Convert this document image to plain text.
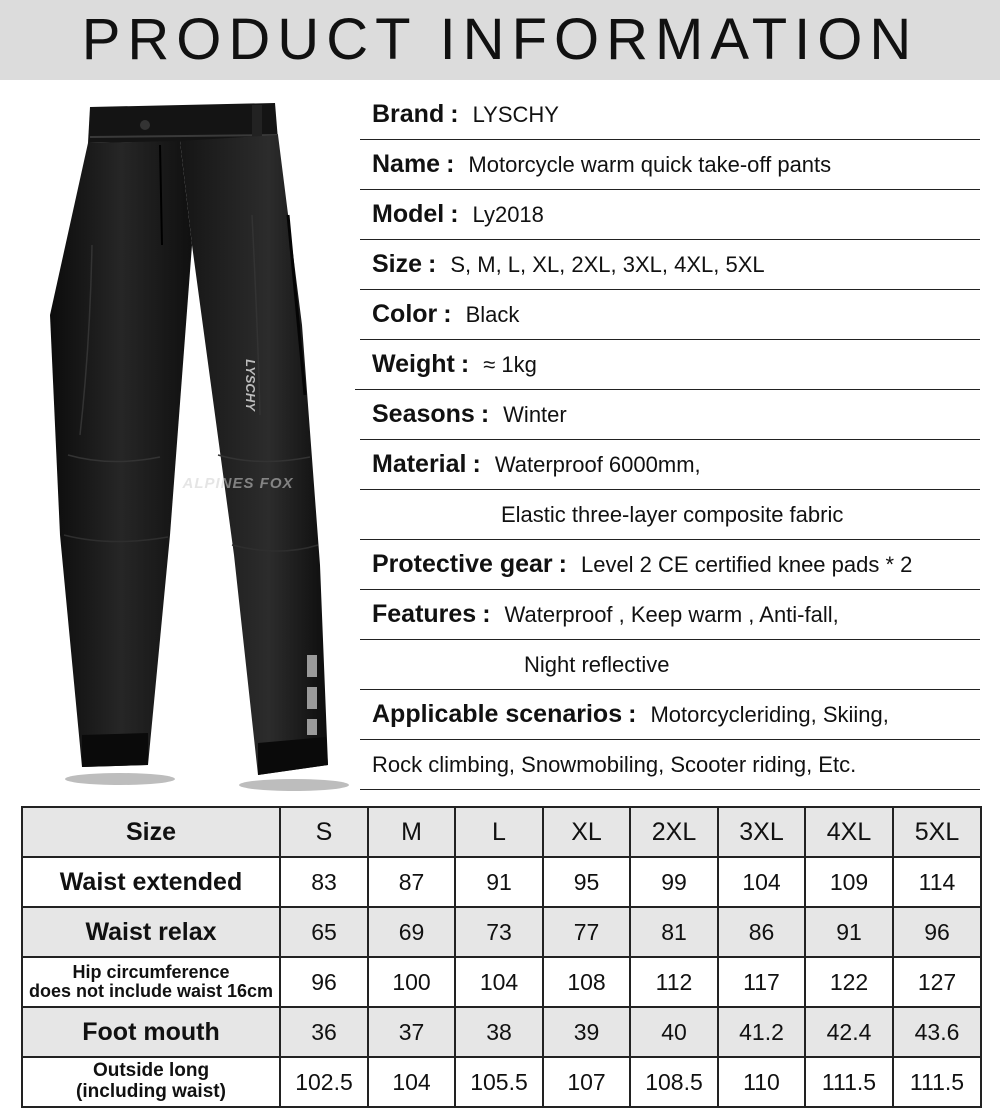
PRODUCT INFORMATION
LYSCHY
ALPINES FOX
Brand : LYSCHY
Name : Motorcycle warm quick take-off pants
Model : Ly2018
Size : S, M, L, XL, 2XL, 3XL, 4XL, 5XL
Color : Black
Weight : ≈ 1kg
Seasons : Winter
Material : Waterproof 6000mm,
Elastic three-layer composite fabric
Protective gear : Level 2 CE certified knee pads * 2
Features : Waterproof , Keep warm , Anti-fall,
Night reflective
Applicable scenarios : Motorcycleriding, Skiing,
Rock climbing, Snowmobiling, Scooter riding, Etc.
Size	S	M	L	XL	2XL	3XL	4XL	5XL
Waist extended	83	87	91	95	99	104	109	114
Waist relax	65	69	73	77	81	86	91	96

Hip circumference
does not include waist 16cm	96	100	104	108	112	117	122	127
Foot mouth	36	37	38	39	40	41.2	42.4	43.6

Outside long
(including waist)	102.5	104	105.5	107	108.5	110	111.5	111.5
